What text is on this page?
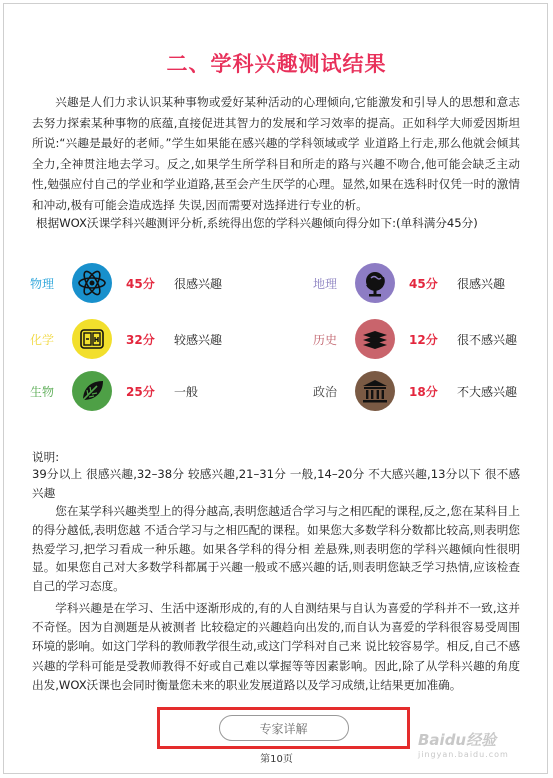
二、学科兴趣测试结果
兴趣是人们力求认识某种事物或爱好某种活动的心理倾向,它能激发和引导人的思想和意志去努力探索某种事物的底蕴,直接促进其智力的发展和学习效率的提高。正如科学大师爱因斯坦所说:“兴趣是最好的老师。”学生如果能在感兴趣的学科领域或学 业道路上行走,那么他就会倾其全力,全神贯注地去学习。反之,如果学生所学科目和所走的路与兴趣不吻合,他可能会缺乏主动 性,勉强应付自己的学业和学业道路,甚至会产生厌学的心理。显然,如果在选科时仅凭一时的激情和冲动,极有可能会造成选择 失误,因而需要对选择进行专业的析。
根据WOX沃课学科兴趣测评分析,系统得出您的学科兴趣倾向得分如下:(单科满分45分)
物理	45分	很感兴趣	地理	45分	很感兴趣
化学	32分	较感兴趣	历史	12分	很不感兴趣
生物	25分	一般	政治	18分	不大感兴趣
说明:
39分以上 很感兴趣,32–38分 较感兴趣,21–31分 一般,14–20分 不大感兴趣,13分以下 很不感兴趣
您在某学科兴趣类型上的得分越高,表明您越适合学习与之相匹配的课程,反之,您在某科目上的得分越低,表明您越 不适合学习与之相匹配的课程。如果您大多数学科分数都比较高,则表明您热爱学习,把学习看成一种乐趣。如果各学科的得分相 差悬殊,则表明您的学科兴趣倾向性很明显。如果您自己对大多数学科都属于兴趣一般或不感兴趣的话,则表明您缺乏学习热情,应该检查自己的学习态度。
学科兴趣是在学习、生活中逐渐形成的,有的人自测结果与自认为喜爱的学科并不一致,这并不奇怪。因为自测题是从被测者 比较稳定的兴趣趋向出发的,而自认为喜爱的学科很容易受周围环境的影响。如这门学科的教师教学很生动,或这门学科对自己来 说比较容易学。相反,自己不感兴趣的学科可能是受教师教得不好或自己难以掌握等等因素影响。因此,除了从学科兴趣的角度出发,WOX沃课也会同时衡量您未来的职业发展道路以及学习成绩,让结果更加准确。
专家详解
第10页
Baidu经验
jingyan.baidu.com
